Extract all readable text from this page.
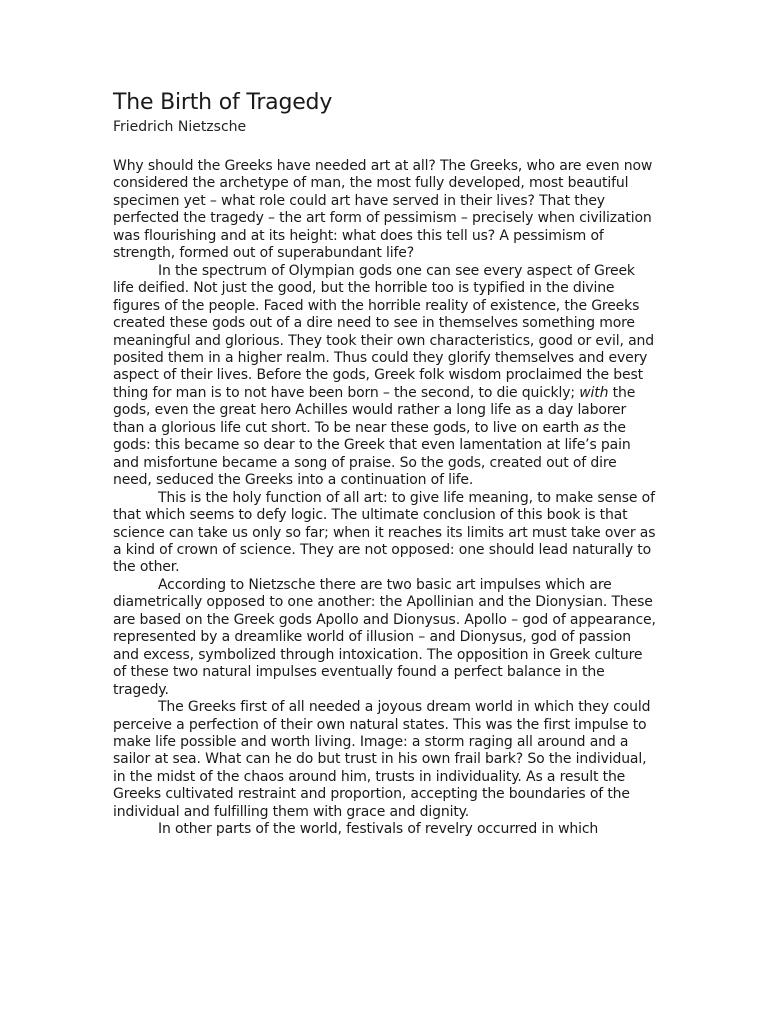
The Birth of Tragedy

Friedrich Nietzsche

Why should the Greeks have needed art at all? The Greeks, who are even now considered the archetype of man, the most fully developed, most beautiful specimen yet – what role could art have served in their lives? That they perfected the tragedy – the art form of pessimism – precisely when civilization was flourishing and at its height: what does this tell us? A pessimism of strength, formed out of superabundant life?

In the spectrum of Olympian gods one can see every aspect of Greek life deified. Not just the good, but the horrible too is typified in the divine figures of the people. Faced with the horrible reality of existence, the Greeks created these gods out of a dire need to see in themselves something more meaningful and glorious. They took their own characteristics, good or evil, and posited them in a higher realm. Thus could they glorify themselves and every aspect of their lives. Before the gods, Greek folk wisdom proclaimed the best thing for man is to not have been born – the second, to die quickly; with the gods, even the great hero Achilles would rather a long life as a day laborer than a glorious life cut short. To be near these gods, to live on earth as the gods: this became so dear to the Greek that even lamentation at life’s pain and misfortune became a song of praise. So the gods, created out of dire need, seduced the Greeks into a continuation of life.

This is the holy function of all art: to give life meaning, to make sense of that which seems to defy logic. The ultimate conclusion of this book is that science can take us only so far; when it reaches its limits art must take over as a kind of crown of science. They are not opposed: one should lead naturally to the other.

According to Nietzsche there are two basic art impulses which are diametrically opposed to one another: the Apollinian and the Dionysian. These are based on the Greek gods Apollo and Dionysus. Apollo – god of appearance, represented by a dreamlike world of illusion – and Dionysus, god of passion and excess, symbolized through intoxication. The opposition in Greek culture of these two natural impulses eventually found a perfect balance in the tragedy.

The Greeks first of all needed a joyous dream world in which they could perceive a perfection of their own natural states. This was the first impulse to make life possible and worth living. Image: a storm raging all around and a sailor at sea. What can he do but trust in his own frail bark? So the individual, in the midst of the chaos around him, trusts in individuality. As a result the Greeks cultivated restraint and proportion, accepting the boundaries of the individual and fulfilling them with grace and dignity.

In other parts of the world, festivals of revelry occurred in which
